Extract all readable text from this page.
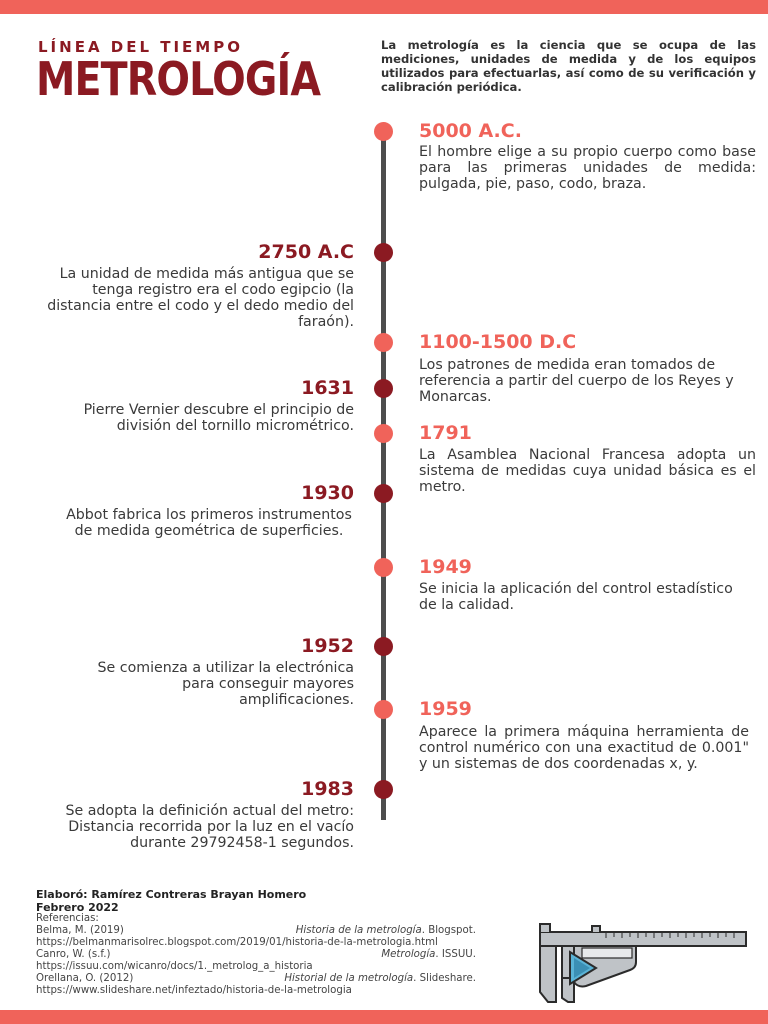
LÍNEA DEL TIEMPO
METROLOGÍA
La metrología es la ciencia que se ocupa de las mediciones, unidades de medida y de los equipos utilizados para efectuarlas, así como de su verificación y calibración periódica.
5000 A.C.
El hombre elige a su propio cuerpo como base para las primeras unidades de medida: pulgada, pie, paso, codo, braza.
2750 A.C
La unidad de medida más antigua que se tenga registro era el codo egipcio (la distancia entre el codo y el dedo medio del faraón).
1100-1500 D.C
Los patrones de medida eran tomados de referencia a partir del cuerpo de los Reyes y Monarcas.
1631
Pierre Vernier descubre el principio de división del tornillo micrométrico.	1791
La Asamblea Nacional Francesa adopta un sistema de medidas cuya unidad básica es el metro.
1930
Abbot fabrica los primeros instrumentos de medida geométrica de superficies.
1949
Se inicia la aplicación del control estadístico de la calidad.
1952
Se comienza a utilizar la electrónica para conseguir mayores amplificaciones.	1959
Aparece la primera máquina herramienta de control numérico con una exactitud de 0.001" y un sistemas de dos coordenadas x, y.
1983
Se adopta la definición actual del metro: Distancia recorrida por la luz en el vacío durante 29792458-1 segundos.
Elaboró: Ramírez Contreras Brayan Homero
Febrero 2022
Referencias:
Belma, M. (2019)	Historia de la metrología. Blogspot.
https://belmanmarisolrec.blogspot.com/2019/01/historia-de-la-metrologia.html
Canro, W. (s.f.)	Metrología. ISSUU.
https://issuu.com/wicanro/docs/1._metrolog_a_historia
Orellana, O. (2012)	Historial de la metrología. Slideshare.
https://www.slideshare.net/infeztado/historia-de-la-metrologia
